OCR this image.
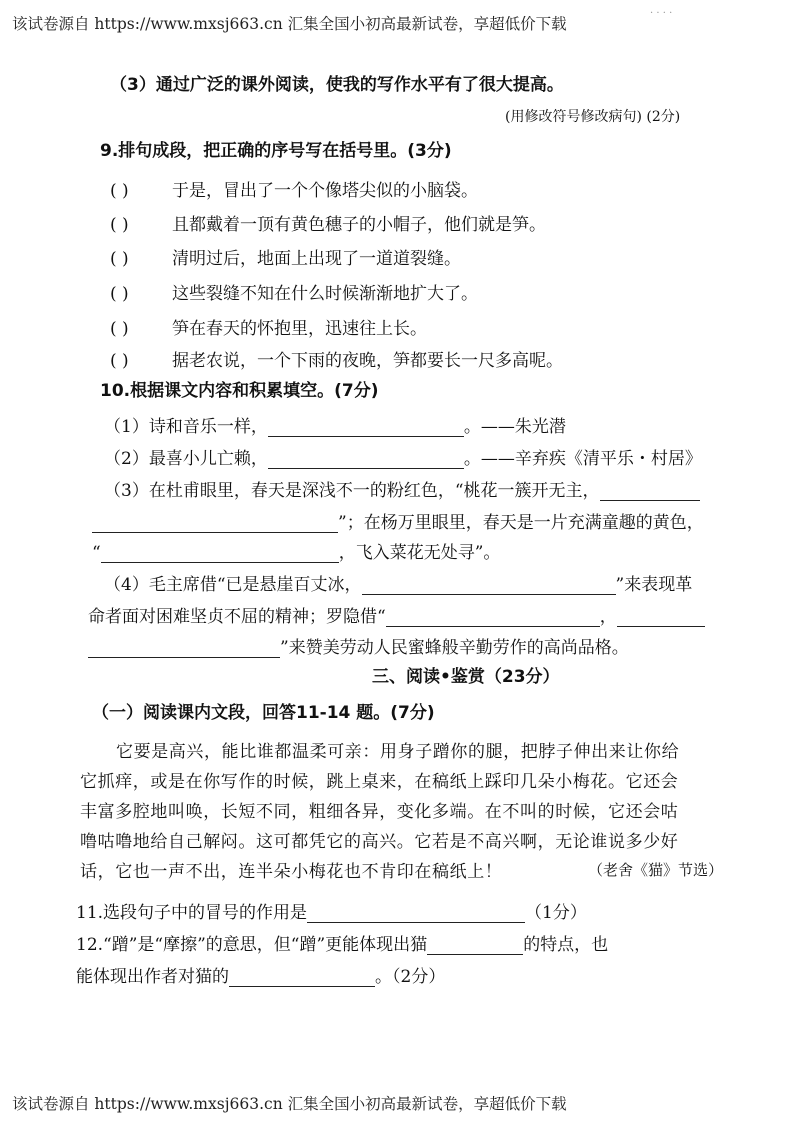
该试卷源自 https://www.mxsj663.cn 汇集全国小初高最新试卷，享超低价下载
· · · ·
（3）通过广泛的课外阅读，使我的写作水平有了很大提高。
(用修改符号修改病句) (2分)
9.排句成段，把正确的序号写在括号里。(3分)
( )	于是，冒出了一个个像塔尖似的小脑袋。
( )	且都戴着一顶有黄色穗子的小帽子，他们就是笋。
( )	清明过后，地面上出现了一道道裂缝。
( )	这些裂缝不知在什么时候渐渐地扩大了。
( )	笋在春天的怀抱里，迅速往上长。
( )	据老农说，一个下雨的夜晚，笋都要长一尺多高呢。
10.根据课文内容和积累填空。(7分)
（1）诗和音乐一样，	。——朱光潜
（2）最喜小儿亡赖，	。——辛弃疾《清平乐・村居》
（3）在杜甫眼里，春天是深浅不一的粉红色，“桃花一簇开无主，
”；在杨万里眼里，春天是一片充满童趣的黄色，
“	，飞入菜花无处寻”。
（4）毛主席借“已是悬崖百丈冰，	”来表现革
命者面对困难坚贞不屈的精神；罗隐借“	，
”来赞美劳动人民蜜蜂般辛勤劳作的高尚品格。
三、阅读•鉴赏（23分）
（一）阅读课内文段，回答11-14 题。(7分)
它要是高兴，能比谁都温柔可亲：用身子蹭你的腿，把脖子伸出来让你给
它抓痒，或是在你写作的时候，跳上桌来，在稿纸上踩印几朵小梅花。它还会
丰富多腔地叫唤，长短不同，粗细各异，变化多端。在不叫的时候，它还会咕
噜咕噜地给自己解闷。这可都凭它的高兴。它若是不高兴啊，无论谁说多少好
话，它也一声不出，连半朵小梅花也不肯印在稿纸上！	（老舍《猫》节选）
11.选段句子中的冒号的作用是	（1分）
12.“蹭”是“摩擦”的意思，但“蹭”更能体现出猫	的特点，也
能体现出作者对猫的	。（2分）
该试卷源自 https://www.mxsj663.cn 汇集全国小初高最新试卷，享超低价下载
